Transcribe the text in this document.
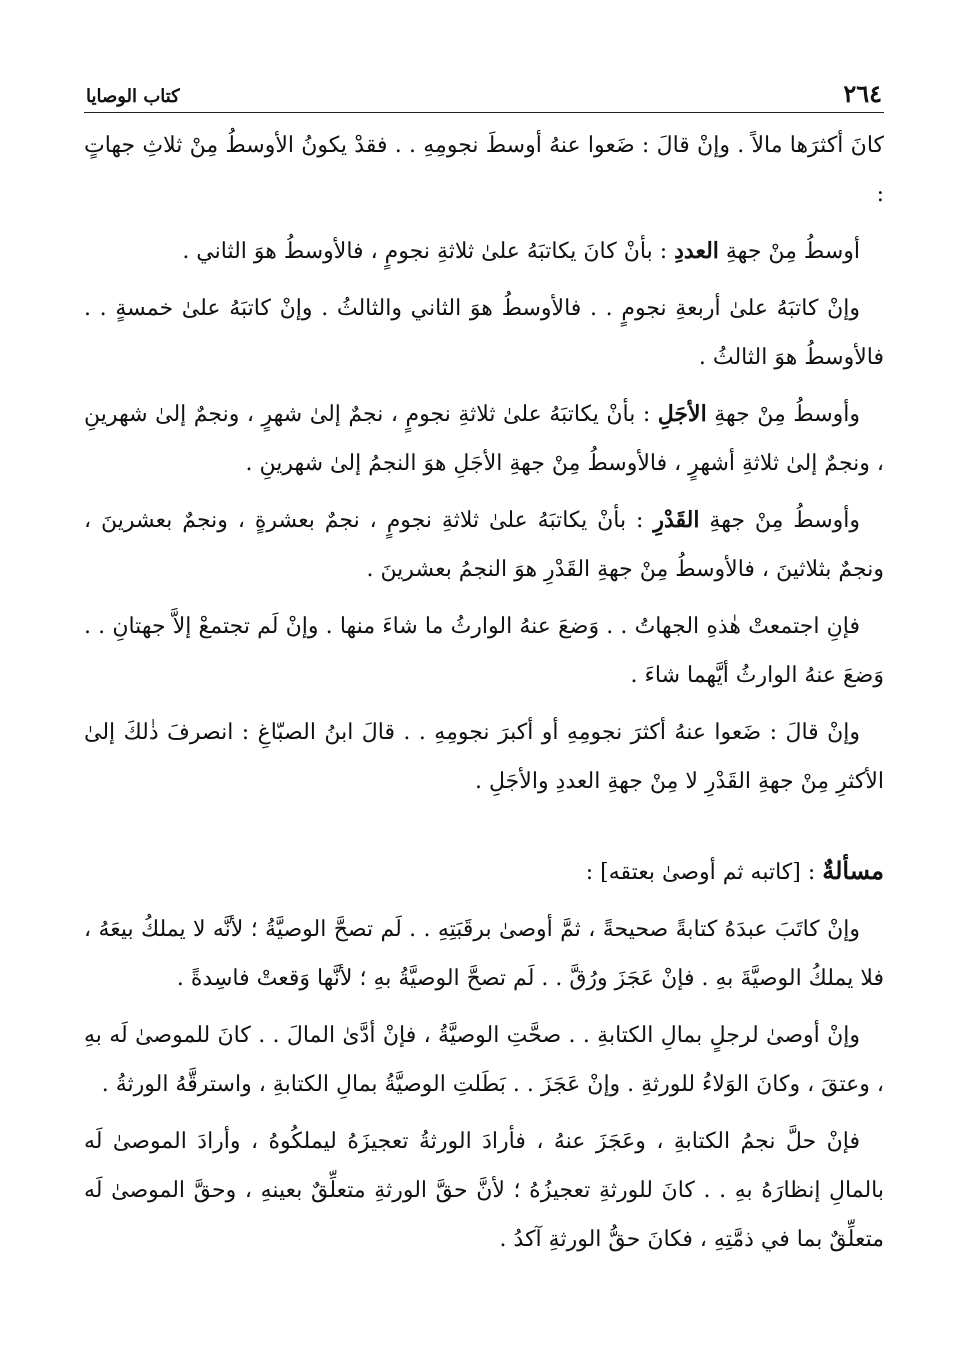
٢٦٤
كتاب الوصايا

كانَ أكثرَها مالاً . وإنْ قالَ : ضَعوا عنهُ أوسطَ نجومِهِ . . فقدْ يكونُ الأوسطُ مِنْ ثلاثِ جهاتٍ :

أوسطُ مِنْ جهةِ العددِ : بأنْ كانَ يكاتبَهُ علىٰ ثلاثةِ نجومٍ ، فالأوسطُ هوَ الثاني .

وإنْ كاتبَهُ علىٰ أربعةِ نجومٍ . . فالأوسطُ هوَ الثاني والثالثُ . وإنْ كاتبَهُ علىٰ خمسةٍ . . فالأوسطُ هوَ الثالثُ .

وأوسطُ مِنْ جهةِ الأجَلِ : بأنْ يكاتبَهُ علىٰ ثلاثةِ نجومٍ ، نجمٌ إلىٰ شهرٍ ، ونجمٌ إلىٰ شهرينِ ، ونجمٌ إلىٰ ثلاثةِ أشهرٍ ، فالأوسطُ مِنْ جهةِ الأجَلِ هوَ النجمُ إلىٰ شهرينِ .

وأوسطُ مِنْ جهةِ القَدْرِ : بأنْ يكاتبَهُ علىٰ ثلاثةِ نجومٍ ، نجمٌ بعشرةٍ ، ونجمٌ بعشرينَ ، ونجمٌ بثلاثينَ ، فالأوسطُ مِنْ جهةِ القَدْرِ هوَ النجمُ بعشرينَ .

فإنِ اجتمعتْ هٰذهِ الجهاتُ . . وَضعَ عنهُ الوارثُ ما شاءَ منها . وإنْ لَم تجتمعْ إلاَّ جهتانِ . . وَضعَ عنهُ الوارثُ أيَّهما شاءَ .

وإنْ قالَ : ضَعوا عنهُ أكثرَ نجومِهِ أو أكبرَ نجومِهِ . . قالَ ابنُ الصبّاغِ : انصرفَ ذٰلكَ إلىٰ الأكثرِ مِنْ جهةِ القَدْرِ لا مِنْ جهةِ العددِ والأجَلِ .

مسألةٌ : [كاتبه ثم أوصىٰ بعتقه] :

وإنْ كاتَبَ عبدَهُ كتابةً صحيحةً ، ثمَّ أوصىٰ برقَبَتِهِ . . لَم تصحَّ الوصيَّةُ ؛ لأنَّه لا يملكُ بيعَهُ ، فلا يملكُ الوصيَّةَ بهِ . فإنْ عَجَزَ ورُقَّ . . لَم تصحَّ الوصيَّةُ بهِ ؛ لأنَّها وَقعتْ فاسِدةً .

وإنْ أوصىٰ لرجلٍ بمالِ الكتابةِ . . صحَّتِ الوصيَّةُ ، فإنْ أدَّىٰ المالَ . . كانَ للموصىٰ لَه بهِ ، وعتقَ ، وكانَ الوَلاءُ للورثةِ . وإنْ عَجَزَ . . بَطَلتِ الوصيَّةُ بمالِ الكتابةِ ، واسترقَّهُ الورثةُ .

فإنْ حلَّ نجمُ الكتابةِ ، وعَجَزَ عنهُ ، فأرادَ الورثةُ تعجيزَهُ ليملكُوهُ ، وأرادَ الموصىٰ لَه بالمالِ إنظارَهُ بهِ . . كانَ للورثةِ تعجيزُهُ ؛ لأنَّ حقَّ الورثةِ متعلِّقٌ بعينهِ ، وحقَّ الموصىٰ لَه متعلِّقٌ بما في ذمَّتِهِ ، فكانَ حقُّ الورثةِ آكدُ .
